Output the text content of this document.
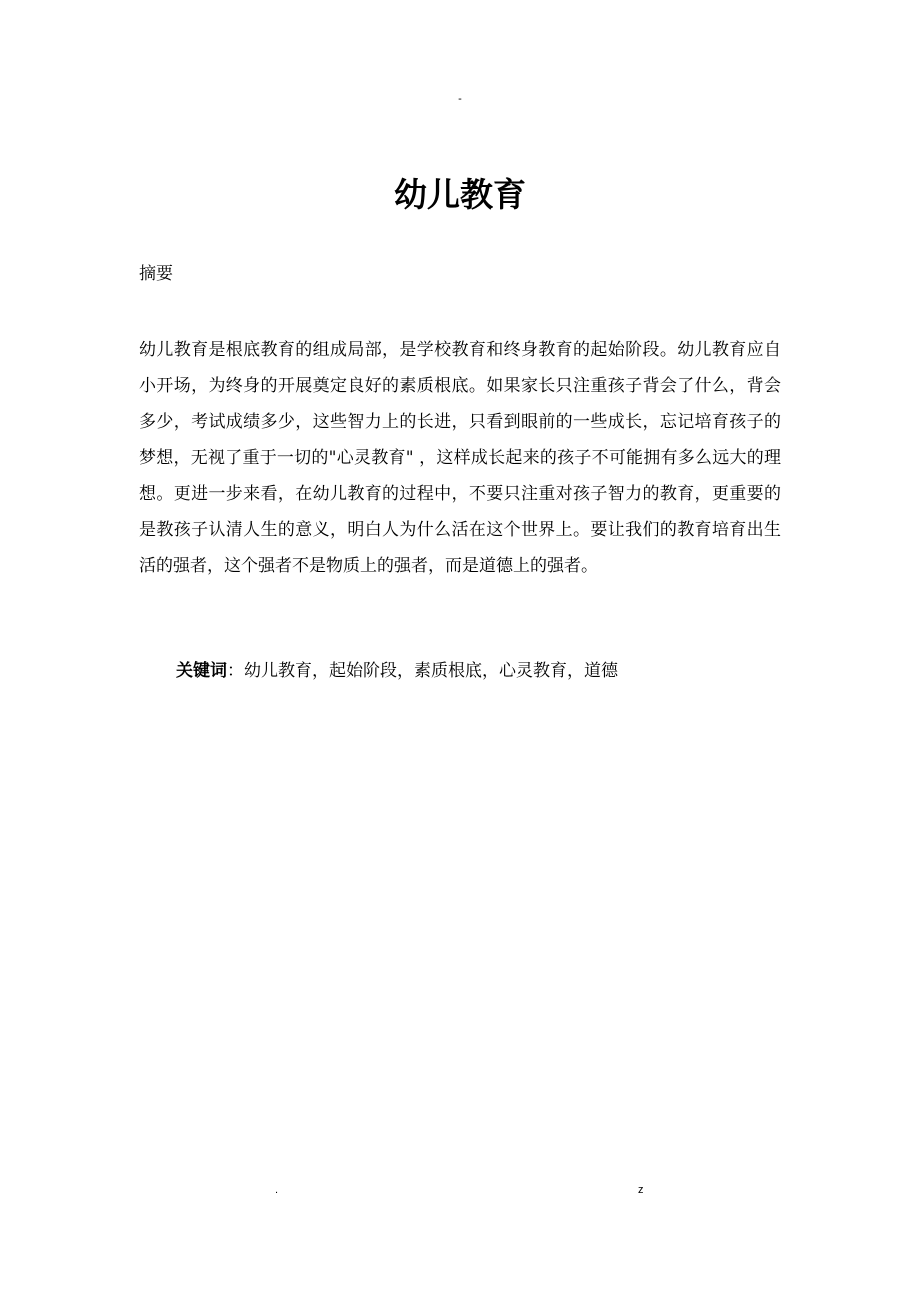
-
幼儿教育
摘要

幼儿教育是根底教育的组成局部，是学校教育和终身教育的起始阶段。幼儿教育应自小开场，为终身的开展奠定良好的素质根底。如果家长只注重孩子背会了什么，背会多少，考试成绩多少，这些智力上的长进，只看到眼前的一些成长，忘记培育孩子的梦想，无视了重于一切的"心灵教育" ，这样成长起来的孩子不可能拥有多么远大的理想。更进一步来看，在幼儿教育的过程中，不要只注重对孩子智力的教育，更重要的是教孩子认清人生的意义，明白人为什么活在这个世界上。要让我们的教育培育出生活的强者，这个强者不是物质上的强者，而是道德上的强者。

关键词：幼儿教育，起始阶段，素质根底，心灵教育，道德
.	z
